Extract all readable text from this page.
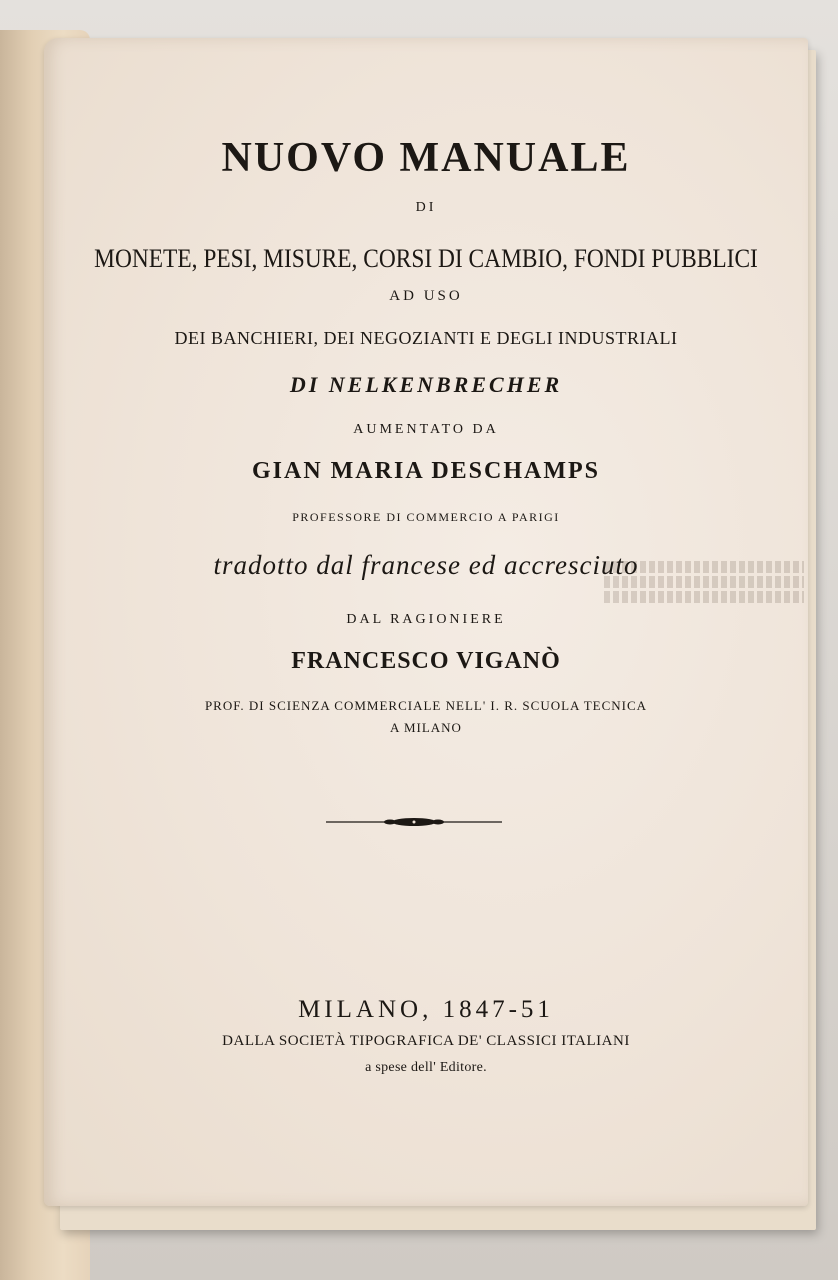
NUOVO MANUALE
DI
MONETE, PESI, MISURE, CORSI DI CAMBIO, FONDI PUBBLICI
AD USO
DEI BANCHIERI, DEI NEGOZIANTI E DEGLI INDUSTRIALI
DI NELKENBRECHER
AUMENTATO DA
GIAN MARIA DESCHAMPS
PROFESSORE DI COMMERCIO A PARIGI
tradotto dal francese ed accresciuto
DAL RAGIONIERE
FRANCESCO VIGANÒ
PROF. DI SCIENZA COMMERCIALE NELL' I. R. SCUOLA TECNICA
A MILANO
MILANO, 1847-51
DALLA SOCIETÀ TIPOGRAFICA DE' CLASSICI ITALIANI
a spese dell' Editore.
